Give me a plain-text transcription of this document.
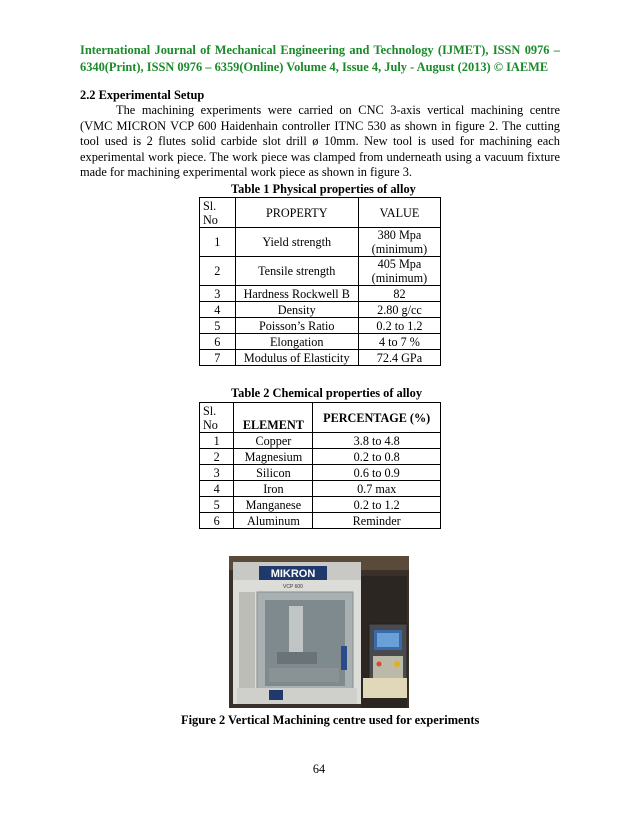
International Journal of Mechanical Engineering and Technology (IJMET), ISSN 0976 –

6340(Print), ISSN 0976 – 6359(Online) Volume 4, Issue 4, July - August (2013) © IAEME
2.2 Experimental Setup

The machining experiments were carried on CNC 3-axis vertical machining centre (VMC MICRON VCP 600 Haidenhain controller ITNC 530 as shown in figure 2. The cutting tool used is 2 flutes solid carbide slot drill ø 10mm. New tool is used for machining each experimental work piece. The work piece was clamped from underneath using a vacuum fixture made for machining experimental work piece as shown in figure 3.

Table 1 Physical properties of alloy
Sl. No	PROPERTY	VALUE
1	Yield strength	380 Mpa (minimum)
2	Tensile strength	405 Mpa (minimum)
3	Hardness Rockwell B	82
4	Density	2.80 g/cc
5	Poisson’s Ratio	0.2 to 1.2
6	Elongation	4 to 7 %
7	Modulus of Elasticity	72.4 GPa
Table 2 Chemical properties of alloy
Sl. No	ELEMENT	PERCENTAGE (%)
1	Copper	3.8 to 4.8
2	Magnesium	0.2 to 0.8
3	Silicon	0.6 to 0.9
4	Iron	0.7 max
5	Manganese	0.2 to 1.2
6	Aluminum	Reminder
MIKRON
VCP 600
Figure 2 Vertical Machining centre used for experiments
64
